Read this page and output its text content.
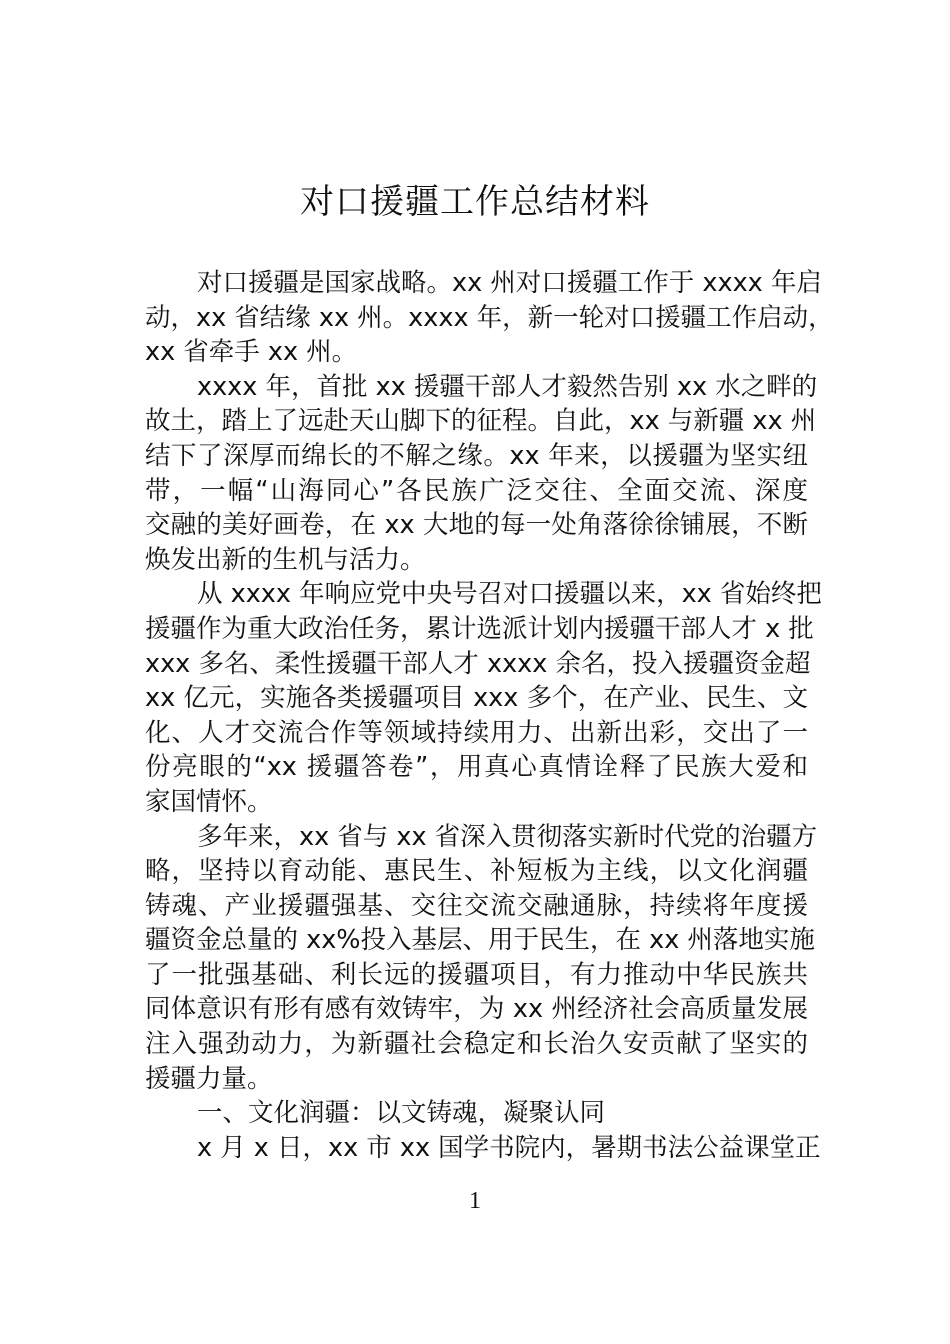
对口援疆工作总结材料
对口援疆是国家战略。xx 州对口援疆工作于 xxxx 年启
动，xx 省结缘 xx 州。xxxx 年，新一轮对口援疆工作启动，
xx 省牵手 xx 州。
xxxx 年，首批 xx 援疆干部人才毅然告别 xx 水之畔的
故土，踏上了远赴天山脚下的征程。自此，xx 与新疆 xx 州
结下了深厚而绵长的不解之缘。xx 年来，以援疆为坚实纽
带，一幅“山海同心”各民族广泛交往、全面交流、深度
交融的美好画卷，在 xx 大地的每一处角落徐徐铺展，不断
焕发出新的生机与活力。
从 xxxx 年响应党中央号召对口援疆以来，xx 省始终把
援疆作为重大政治任务，累计选派计划内援疆干部人才 x 批
xxx 多名、柔性援疆干部人才 xxxx 余名，投入援疆资金超
xx 亿元，实施各类援疆项目 xxx 多个，在产业、民生、文
化、人才交流合作等领域持续用力、出新出彩，交出了一
份亮眼的“xx 援疆答卷”，用真心真情诠释了民族大爱和
家国情怀。
多年来，xx 省与 xx 省深入贯彻落实新时代党的治疆方
略，坚持以育动能、惠民生、补短板为主线，以文化润疆
铸魂、产业援疆强基、交往交流交融通脉，持续将年度援
疆资金总量的 xx%投入基层、用于民生，在 xx 州落地实施
了一批强基础、利长远的援疆项目，有力推动中华民族共
同体意识有形有感有效铸牢，为 xx 州经济社会高质量发展
注入强劲动力，为新疆社会稳定和长治久安贡献了坚实的
援疆力量。
一、文化润疆：以文铸魂，凝聚认同
x 月 x 日，xx 市 xx 国学书院内，暑期书法公益课堂正
1
